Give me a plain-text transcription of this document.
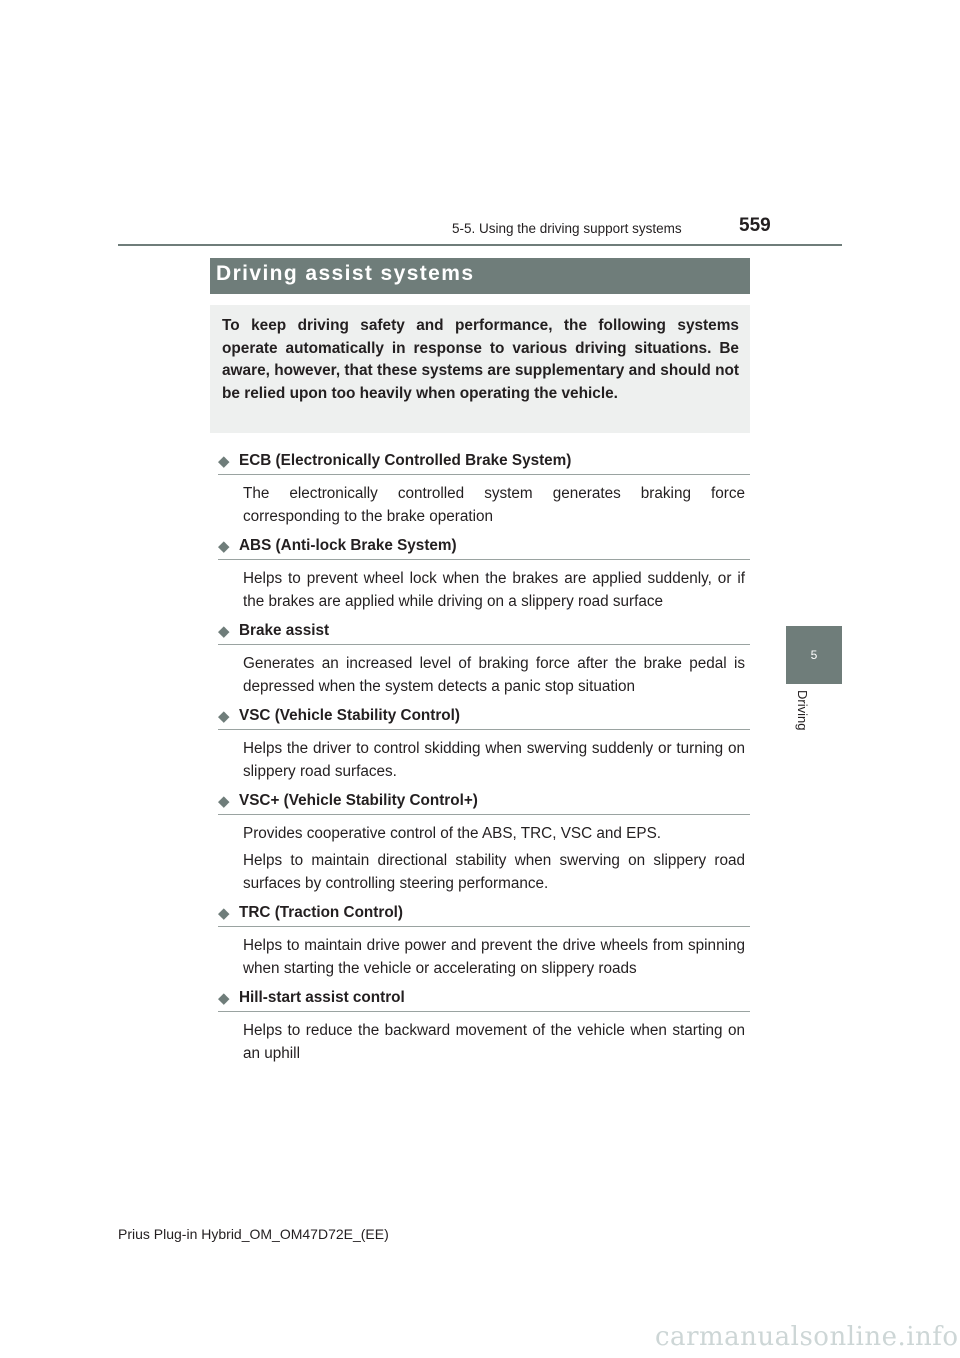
5-5. Using the driving support systems	559
5
Driving
Driving assist systems
To keep driving safety and performance, the following systems operate automatically in response to various driving situations. Be aware, however, that these systems are supplementary and should not be relied upon too heavily when operating the vehicle.
◆ ECB (Electronically Controlled Brake System)
The electronically controlled system generates braking force corresponding to the brake operation
◆ ABS (Anti-lock Brake System)
Helps to prevent wheel lock when the brakes are applied suddenly, or if the brakes are applied while driving on a slippery road surface
◆ Brake assist
Generates an increased level of braking force after the brake pedal is depressed when the system detects a panic stop situation
◆ VSC (Vehicle Stability Control)
Helps the driver to control skidding when swerving suddenly or turning on slippery road surfaces.
◆ VSC+ (Vehicle Stability Control+)
Provides cooperative control of the ABS, TRC, VSC and EPS.
Helps to maintain directional stability when swerving on slippery road surfaces by controlling steering performance.
◆ TRC (Traction Control)
Helps to maintain drive power and prevent the drive wheels from spinning when starting the vehicle or accelerating on slippery roads
◆ Hill-start assist control
Helps to reduce the backward movement of the vehicle when starting on an uphill
Prius Plug-in Hybrid_OM_OM47D72E_(EE)
carmanualsonline.info
